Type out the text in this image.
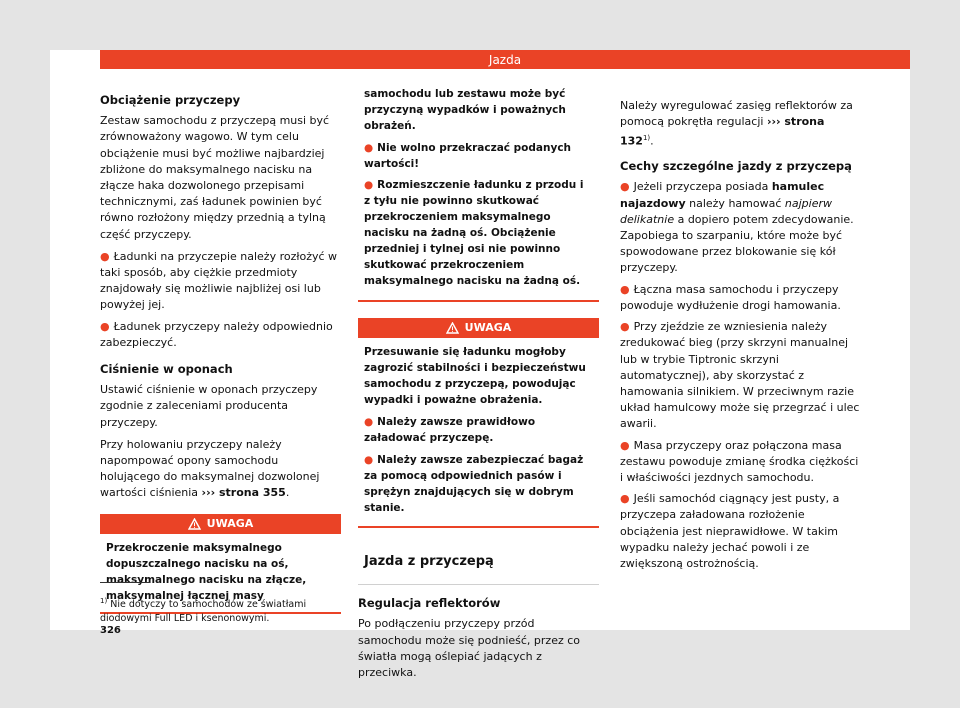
Jazda
Obciążenie przyczepy

Zestaw samochodu z przyczepą musi być zrównoważony wagowo. W tym celu obciążenie musi być możliwe najbardziej zbliżone do maksymalnego nacisku na złącze haka dozwolonego przepisami technicznymi, zaś ładunek powinien być równo rozłożony między przednią a tylną część przyczepy.

● Ładunki na przyczepie należy rozłożyć w taki sposób, aby ciężkie przedmioty znajdowały się możliwie najbliżej osi lub powyżej jej.
● Ładunek przyczepy należy odpowiednio zabezpieczyć.
Ciśnienie w oponach

Ustawić ciśnienie w oponach przyczepy zgodnie z zaleceniami producenta przyczepy.

Przy holowaniu przyczepy należy napompować opony samochodu holującego do maksymalnej dozwolonej wartości ciśnienia ››› strona 355.

UWAGA

Przekroczenie maksymalnego dopuszczalnego nacisku na oś, maksymalnego nacisku na złącze, maksymalnej łącznej masy

samochodu lub zestawu może być przyczyną wypadków i poważnych obrażeń.

● Nie wolno przekraczać podanych wartości!
● Rozmieszczenie ładunku z przodu i z tyłu nie powinno skutkować przekroczeniem maksymalnego nacisku na żadną oś. Obciążenie przedniej i tylnej osi nie powinno skutkować przekroczeniem maksymalnego nacisku na żadną oś.
UWAGA

Przesuwanie się ładunku mogłoby zagrozić stabilności i bezpieczeństwu samochodu z przyczepą, powodując wypadki i poważne obrażenia.

● Należy zawsze prawidłowo załadować przyczepę.
● Należy zawsze zabezpieczać bagaż za pomocą odpowiednich pasów i sprężyn znajdujących się w dobrym stanie.
Jazda z przyczepą
Regulacja reflektorów

Po podłączeniu przyczepy przód samochodu może się podnieść, przez co światła mogą oślepiać jadących z przeciwka.

Należy wyregulować zasięg reflektorów za pomocą pokrętła regulacji ››› strona 132$^{1)}$.

Cechy szczególne jazdy z przyczepą
● Jeżeli przyczepa posiada hamulec najazdowy należy hamować najpierw delikatnie a dopiero potem zdecydowanie. Zapobiega to szarpaniu, które może być spowodowane przez blokowanie się kół przyczepy.
● Łączna masa samochodu i przyczepy powoduje wydłużenie drogi hamowania.
● Przy zjeździe ze wzniesienia należy zredukować bieg (przy skrzyni manualnej lub w trybie Tiptronic skrzyni automatycznej), aby skorzystać z hamowania silnikiem. W przeciwnym razie układ hamulcowy może się przegrzać i ulec awarii.
● Masa przyczepy oraz połączona masa zestawu powoduje zmianę środka ciężkości i właściwości jezdnych samochodu.
● Jeśli samochód ciągnący jest pusty, a przyczepa załadowana rozłożenie obciążenia jest nieprawidłowe. W takim wypadku należy jechać powoli i ze zwiększoną ostrożnością.
$^{1)}$ Nie dotyczy to samochodów ze światłami diodowymi Full LED i ksenonowymi.
326
